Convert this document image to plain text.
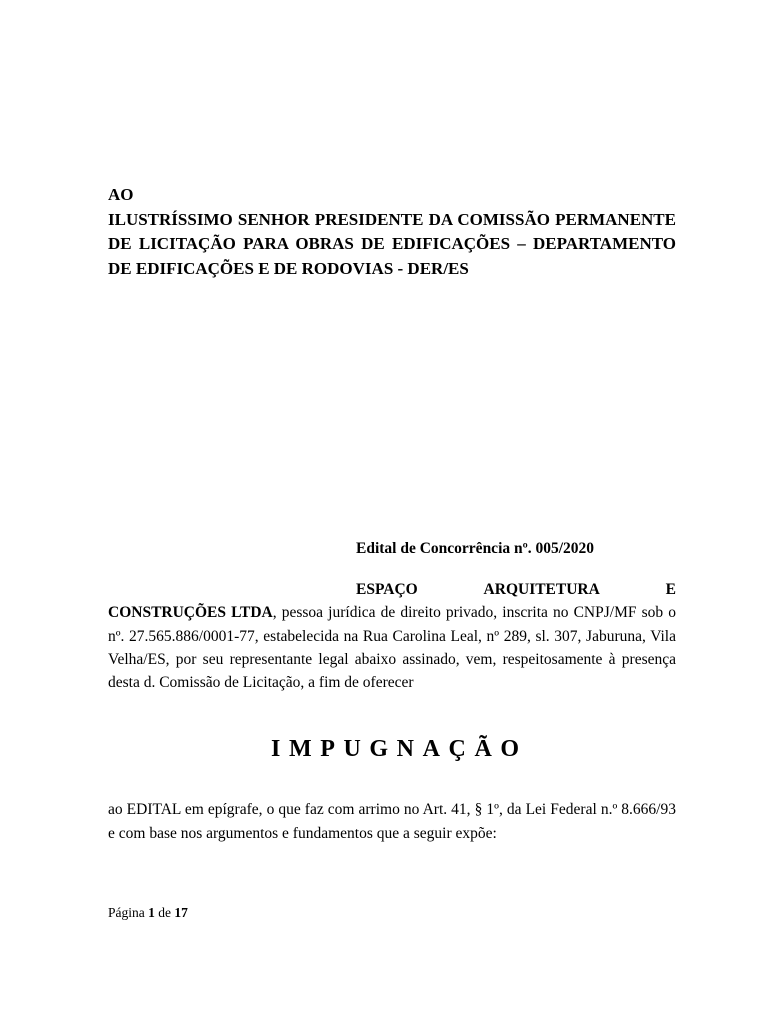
AO
ILUSTRÍSSIMO SENHOR PRESIDENTE DA COMISSÃO PERMANENTE DE LICITAÇÃO PARA OBRAS DE EDIFICAÇÕES – DEPARTAMENTO DE EDIFICAÇÕES E DE RODOVIAS - DER/ES
Edital de Concorrência nº. 005/2020
ESPAÇO ARQUITETURA E
CONSTRUÇÕES LTDA, pessoa jurídica de direito privado, inscrita no CNPJ/MF sob o nº. 27.565.886/0001-77, estabelecida na Rua Carolina Leal, nº 289, sl. 307, Jaburuna, Vila Velha/ES, por seu representante legal abaixo assinado, vem, respeitosamente à presença desta d. Comissão de Licitação, a fim de oferecer
IMPUGNAÇÃO
ao EDITAL em epígrafe, o que faz com arrimo no Art. 41, § 1º, da Lei Federal n.º 8.666/93 e com base nos argumentos e fundamentos que a seguir expõe:
Página 1 de 17
